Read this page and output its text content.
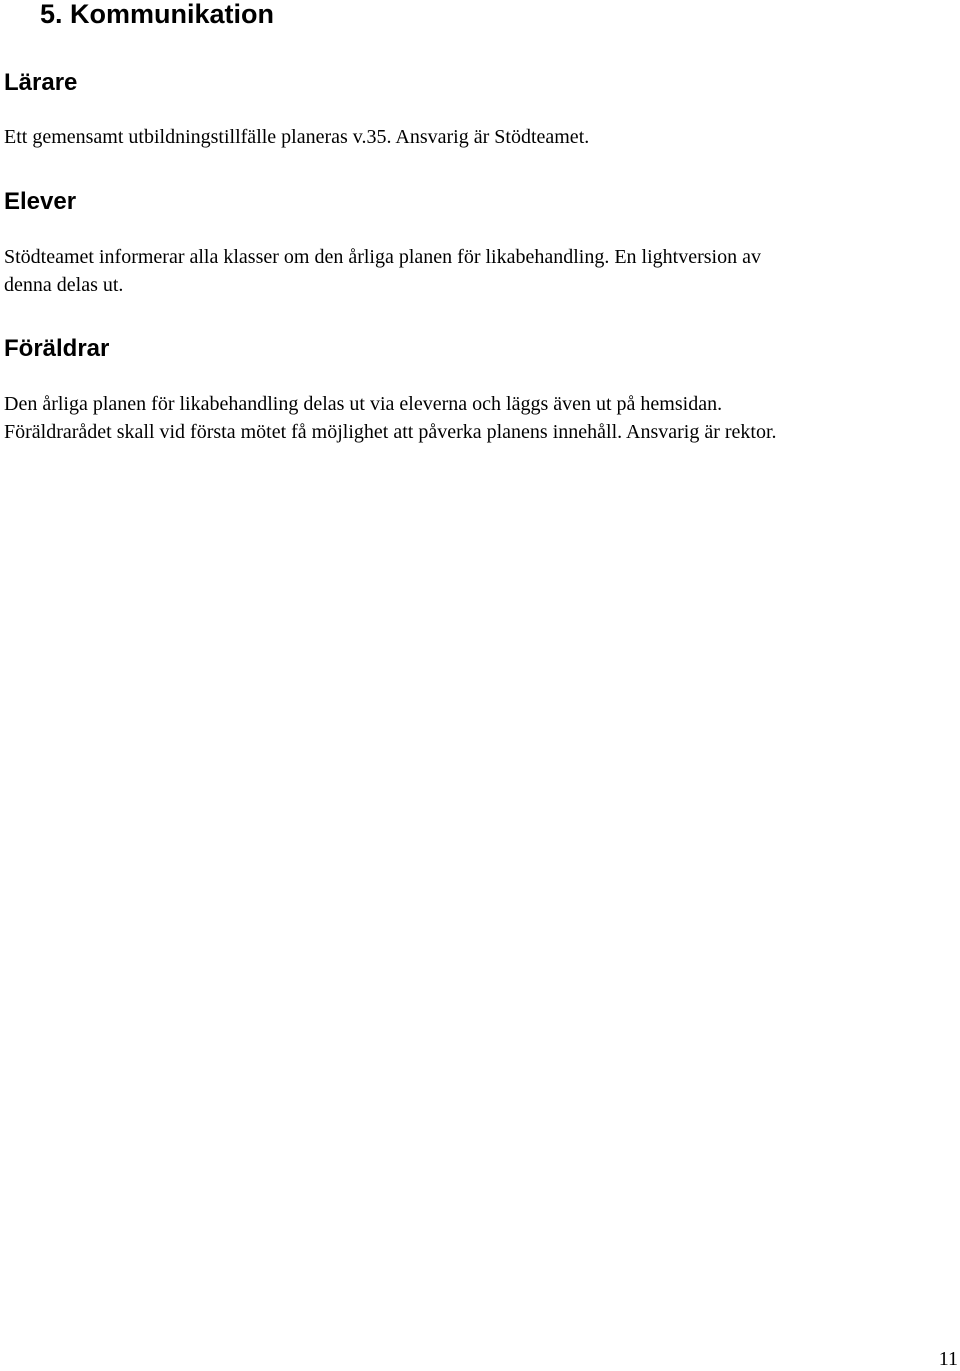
5. Kommunikation
Lärare

Ett gemensamt utbildningstillfälle planeras v.35. Ansvarig är Stödteamet.

Elever

Stödteamet informerar alla klasser om den årliga planen för likabehandling. En lightversion av
denna delas ut.

Föräldrar

Den årliga planen för likabehandling delas ut via eleverna och läggs även ut på hemsidan.
Föräldrarådet skall vid första mötet få möjlighet att påverka planens innehåll. Ansvarig är rektor.

11
